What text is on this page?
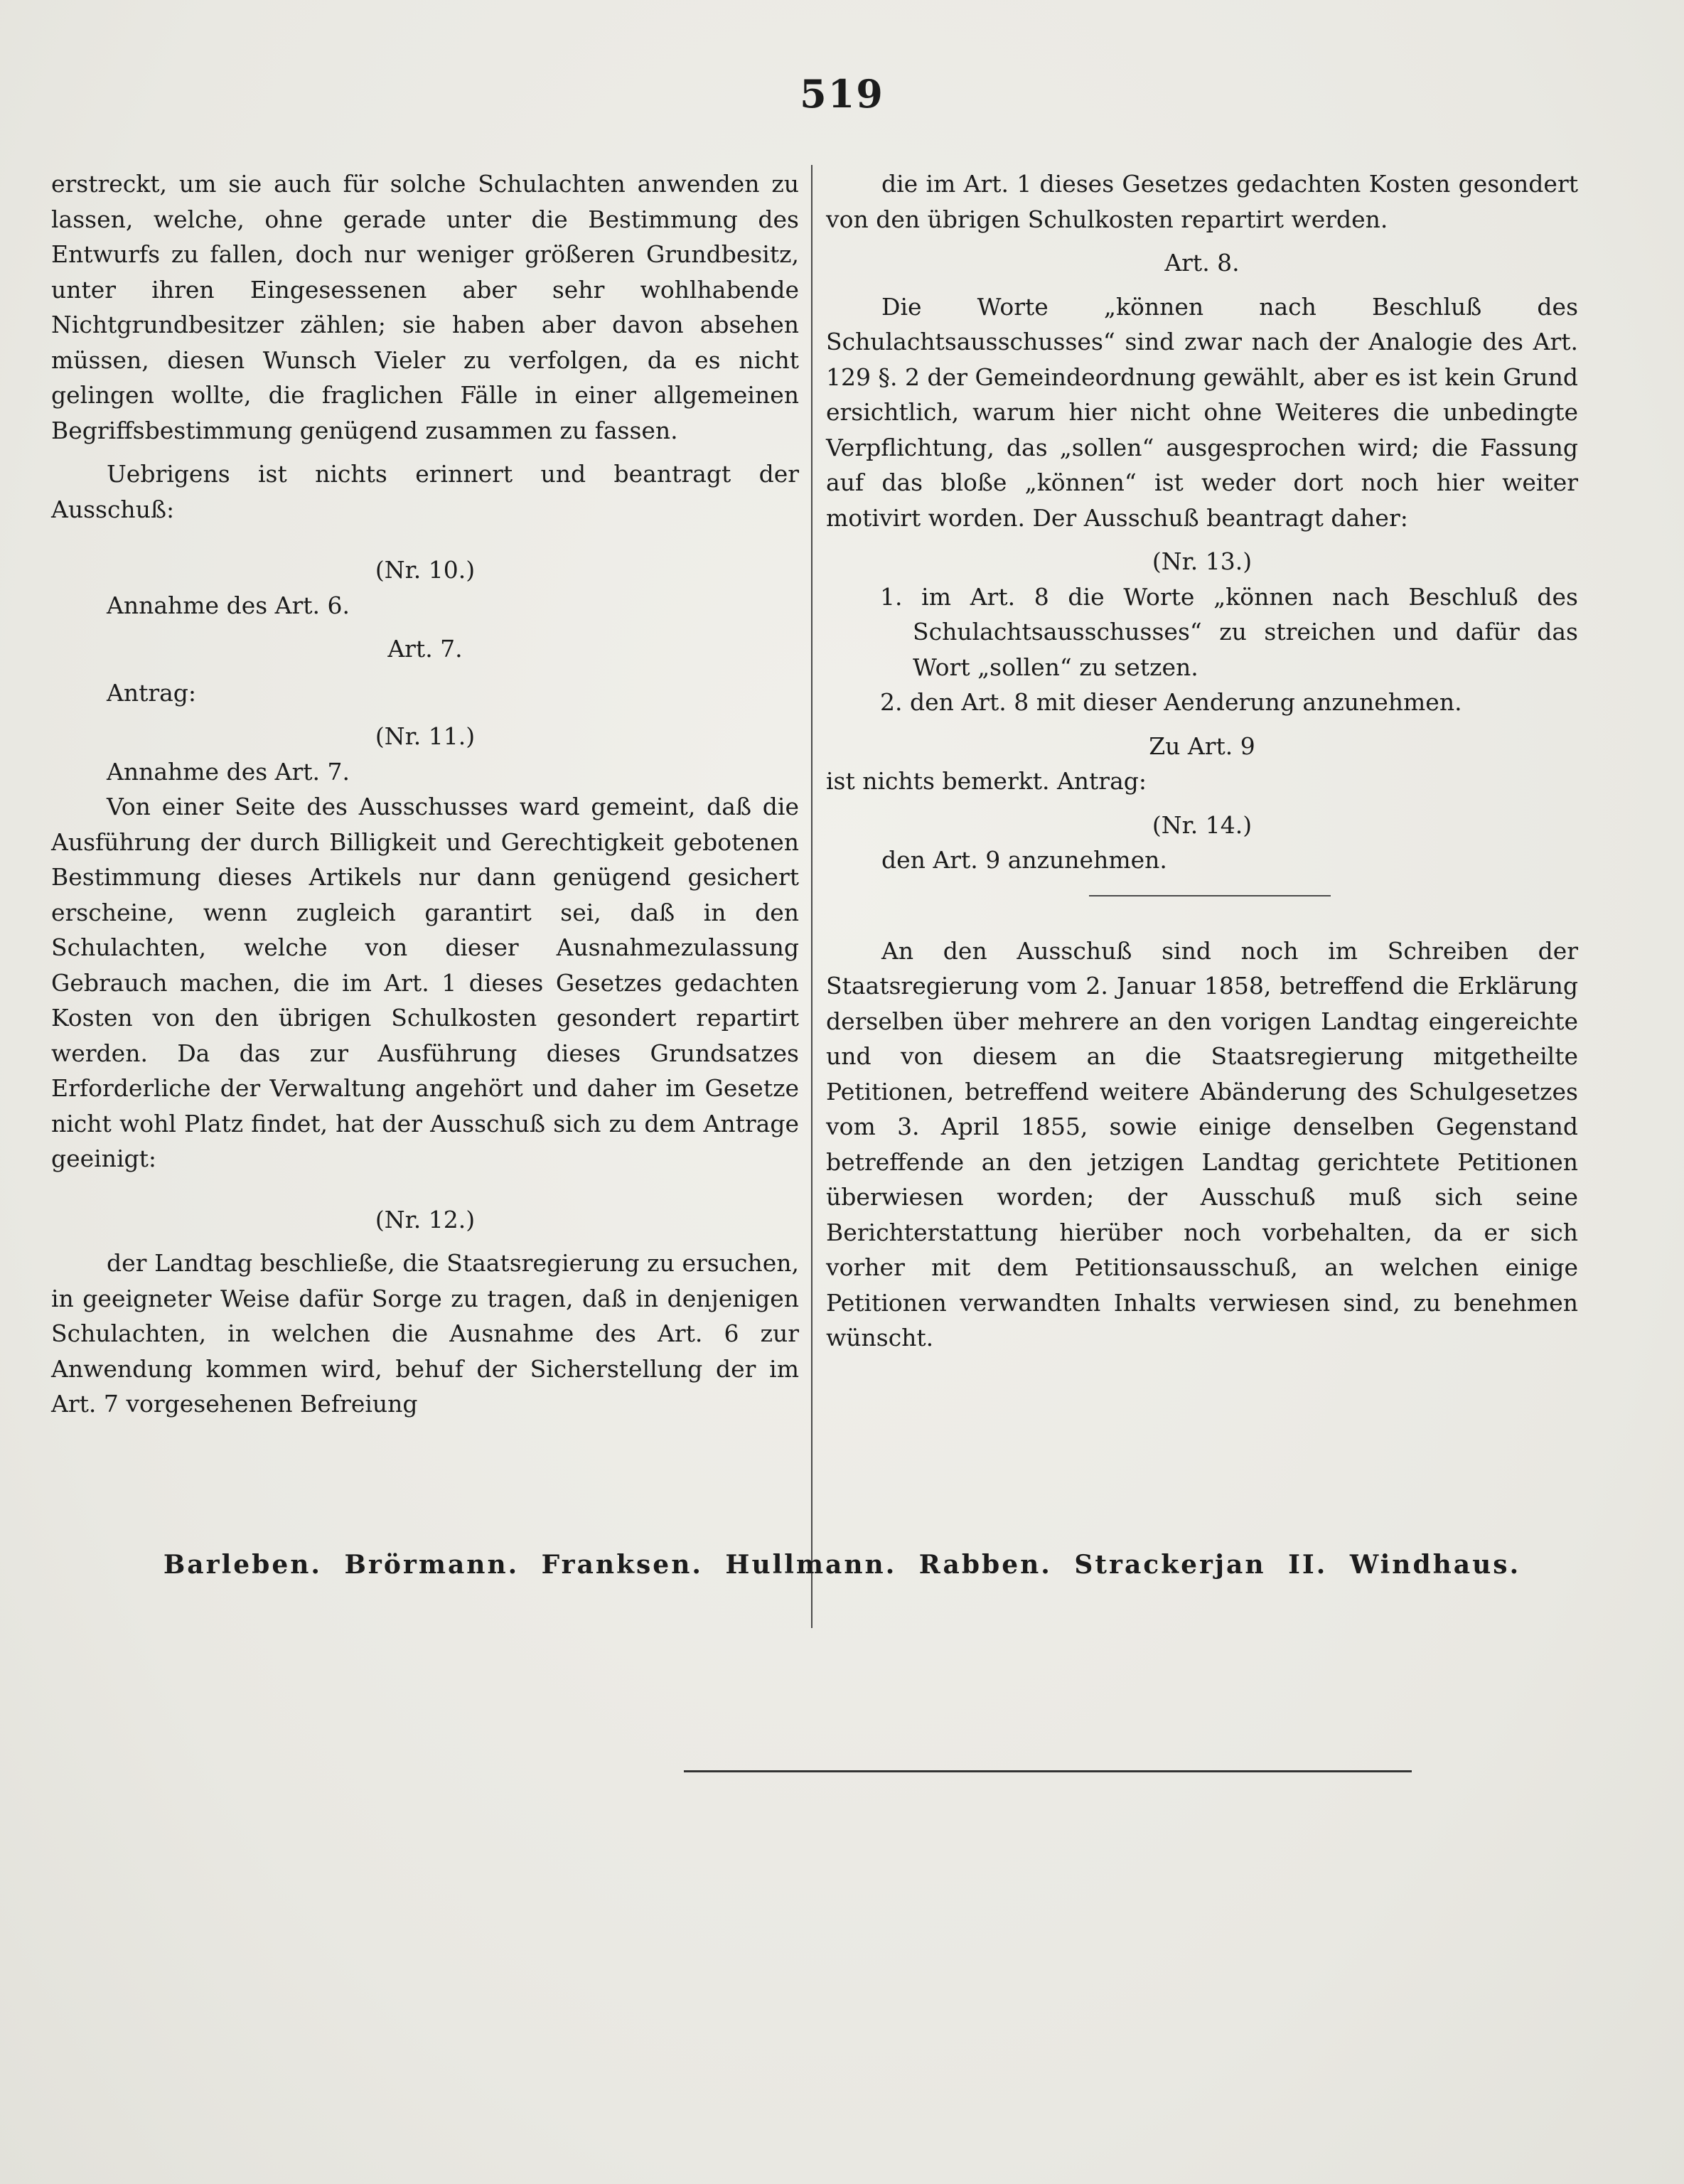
519

erstreckt, um sie auch für solche Schulachten anwenden zu lassen, welche, ohne gerade unter die Bestimmung des Entwurfs zu fallen, doch nur weniger größeren Grundbesitz, unter ihren Eingesessenen aber sehr wohlhabende Nichtgrundbesitzer zählen; sie haben aber davon absehen müssen, diesen Wunsch Vieler zu verfolgen, da es nicht gelingen wollte, die fraglichen Fälle in einer allgemeinen Begriffsbestimmung genügend zusammen zu fassen.

Uebrigens ist nichts erinnert und beantragt der Ausschuß:

(Nr. 10.)

Annahme des Art. 6.

Art. 7.

Antrag:

(Nr. 11.)

Annahme des Art. 7.

Von einer Seite des Ausschusses ward gemeint, daß die Ausführung der durch Billigkeit und Gerechtigkeit gebotenen Bestimmung dieses Artikels nur dann genügend gesichert erscheine, wenn zugleich garantirt sei, daß in den Schulachten, welche von dieser Ausnahmezulassung Gebrauch machen, die im Art. 1 dieses Gesetzes gedachten Kosten von den übrigen Schulkosten gesondert repartirt werden. Da das zur Ausführung dieses Grundsatzes Erforderliche der Verwaltung angehört und daher im Gesetze nicht wohl Platz findet, hat der Ausschuß sich zu dem Antrage geeinigt:

(Nr. 12.)

der Landtag beschließe, die Staatsregierung zu ersuchen, in geeigneter Weise dafür Sorge zu tragen, daß in denjenigen Schulachten, in welchen die Ausnahme des Art. 6 zur Anwendung kommen wird, behuf der Sicherstellung der im Art. 7 vorgesehenen Befreiung

die im Art. 1 dieses Gesetzes gedachten Kosten gesondert von den übrigen Schulkosten repartirt werden.

Art. 8.

Die Worte „können nach Beschluß des Schulachtsausschusses“ sind zwar nach der Analogie des Art. 129 §. 2 der Gemeindeordnung gewählt, aber es ist kein Grund ersichtlich, warum hier nicht ohne Weiteres die unbedingte Verpflichtung, das „sollen“ ausgesprochen wird; die Fassung auf das bloße „können“ ist weder dort noch hier weiter motivirt worden. Der Ausschuß beantragt daher:

(Nr. 13.)

1. im Art. 8 die Worte „können nach Beschluß des Schulachtsausschusses“ zu streichen und dafür das Wort „sollen“ zu setzen.

2. den Art. 8 mit dieser Aenderung anzunehmen.

Zu Art. 9

ist nichts bemerkt. Antrag:

(Nr. 14.)

den Art. 9 anzunehmen.

An den Ausschuß sind noch im Schreiben der Staatsregierung vom 2. Januar 1858, betreffend die Erklärung derselben über mehrere an den vorigen Landtag eingereichte und von diesem an die Staatsregierung mitgetheilte Petitionen, betreffend weitere Abänderung des Schulgesetzes vom 3. April 1855, sowie einige denselben Gegenstand betreffende an den jetzigen Landtag gerichtete Petitionen überwiesen worden; der Ausschuß muß sich seine Berichterstattung hierüber noch vorbehalten, da er sich vorher mit dem Petitionsausschuß, an welchen einige Petitionen verwandten Inhalts verwiesen sind, zu benehmen wünscht.

Barleben. Brörmann. Franksen. Hullmann. Rabben. Strackerjan II. Windhaus.
